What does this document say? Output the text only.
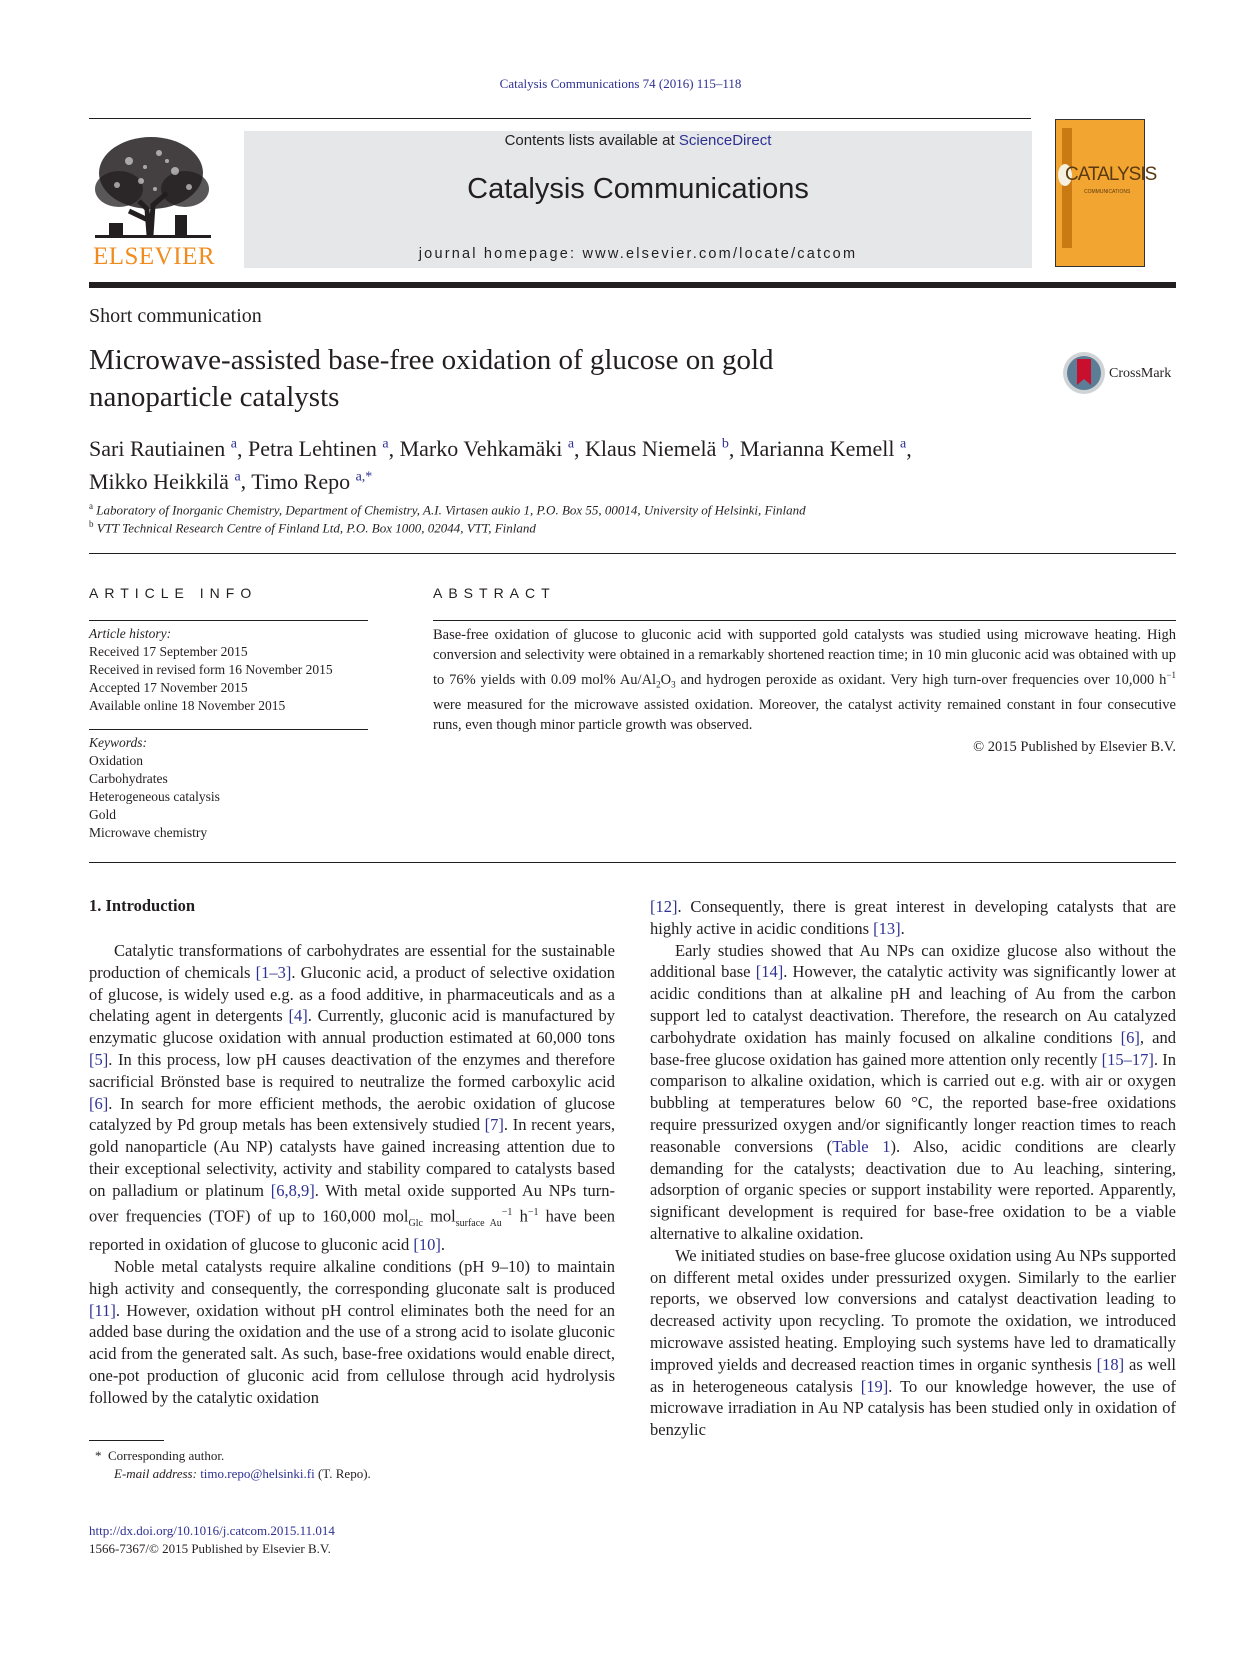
Catalysis Communications 74 (2016) 115–118
ELSEVIER
Contents lists available at ScienceDirect
Catalysis Communications
journal homepage: www.elsevier.com/locate/catcom
CATALYSIS
COMMUNICATIONS
Short communication
Microwave-assisted base-free oxidation of glucose on gold nanoparticle catalysts
CrossMark
Sari Rautiainen $^a$, Petra Lehtinen $^a$, Marko Vehkamäki $^a$, Klaus Niemelä $^b$, Marianna Kemell $^a$,
Mikko Heikkilä $^a$, Timo Repo $^{a,*}$
$^a$ Laboratory of Inorganic Chemistry, Department of Chemistry, A.I. Virtasen aukio 1, P.O. Box 55, 00014, University of Helsinki, Finland
$^b$ VTT Technical Research Centre of Finland Ltd, P.O. Box 1000, 02044, VTT, Finland
ARTICLE INFO
Article history:
Received 17 September 2015
Received in revised form 16 November 2015
Accepted 17 November 2015
Available online 18 November 2015
Keywords:
Oxidation
Carbohydrates
Heterogeneous catalysis
Gold
Microwave chemistry
ABSTRACT
Base-free oxidation of glucose to gluconic acid with supported gold catalysts was studied using microwave heating. High conversion and selectivity were obtained in a remarkably shortened reaction time; in 10 min gluconic acid was obtained with up to 76% yields with 0.09 mol% $Au/Al_2O_3$ and hydrogen peroxide as oxidant. Very high turn-over frequencies over 10,000 $h^{-1}$ were measured for the microwave assisted oxidation. Moreover, the catalyst activity remained constant in four consecutive runs, even though minor particle growth was observed.
© 2015 Published by Elsevier B.V.
1. Introduction

Catalytic transformations of carbohydrates are essential for the sustainable production of chemicals [1–3]. Gluconic acid, a product of selective oxidation of glucose, is widely used e.g. as a food additive, in pharmaceuticals and as a chelating agent in detergents [4]. Currently, gluconic acid is manufactured by enzymatic glucose oxidation with annual production estimated at 60,000 tons [5]. In this process, low pH causes deactivation of the enzymes and therefore sacrificial Brönsted base is required to neutralize the formed carboxylic acid [6]. In search for more efficient methods, the aerobic oxidation of glucose catalyzed by Pd group metals has been extensively studied [7]. In recent years, gold nanoparticle (Au NP) catalysts have gained increasing attention due to their exceptional selectivity, activity and stability compared to catalysts based on palladium or platinum [6,8,9]. With metal oxide supported Au NPs turn-over frequencies (TOF) of up to 160,000 mol$_{Glc}$ mol$_{surface Au}^{-1}$ $h^{-1}$ have been reported in oxidation of glucose to gluconic acid [10].

Noble metal catalysts require alkaline conditions (pH 9–10) to maintain high activity and consequently, the corresponding gluconate salt is produced [11]. However, oxidation without pH control eliminates both the need for an added base during the oxidation and the use of a strong acid to isolate gluconic acid from the generated salt. As such, base-free oxidations would enable direct, one-pot production of gluconic acid from cellulose through acid hydrolysis followed by the catalytic oxidation

[12]. Consequently, there is great interest in developing catalysts that are highly active in acidic conditions [13].

Early studies showed that Au NPs can oxidize glucose also without the additional base [14]. However, the catalytic activity was significantly lower at acidic conditions than at alkaline pH and leaching of Au from the carbon support led to catalyst deactivation. Therefore, the research on Au catalyzed carbohydrate oxidation has mainly focused on alkaline conditions [6], and base-free glucose oxidation has gained more attention only recently [15–17]. In comparison to alkaline oxidation, which is carried out e.g. with air or oxygen bubbling at temperatures below 60 °C, the reported base-free oxidations require pressurized oxygen and/or significantly longer reaction times to reach reasonable conversions (Table 1). Also, acidic conditions are clearly demanding for the catalysts; deactivation due to Au leaching, sintering, adsorption of organic species or support instability were reported. Apparently, significant development is required for base-free oxidation to be a viable alternative to alkaline oxidation.

We initiated studies on base-free glucose oxidation using Au NPs supported on different metal oxides under pressurized oxygen. Similarly to the earlier reports, we observed low conversions and catalyst deactivation leading to decreased activity upon recycling. To promote the oxidation, we introduced microwave assisted heating. Employing such systems have led to dramatically improved yields and decreased reaction times in organic synthesis [18] as well as in heterogeneous catalysis [19]. To our knowledge however, the use of microwave irradiation in Au NP catalysis has been studied only in oxidation of benzylic

* Corresponding author.
E-mail address: timo.repo@helsinki.fi (T. Repo).
http://dx.doi.org/10.1016/j.catcom.2015.11.014
1566-7367/© 2015 Published by Elsevier B.V.
